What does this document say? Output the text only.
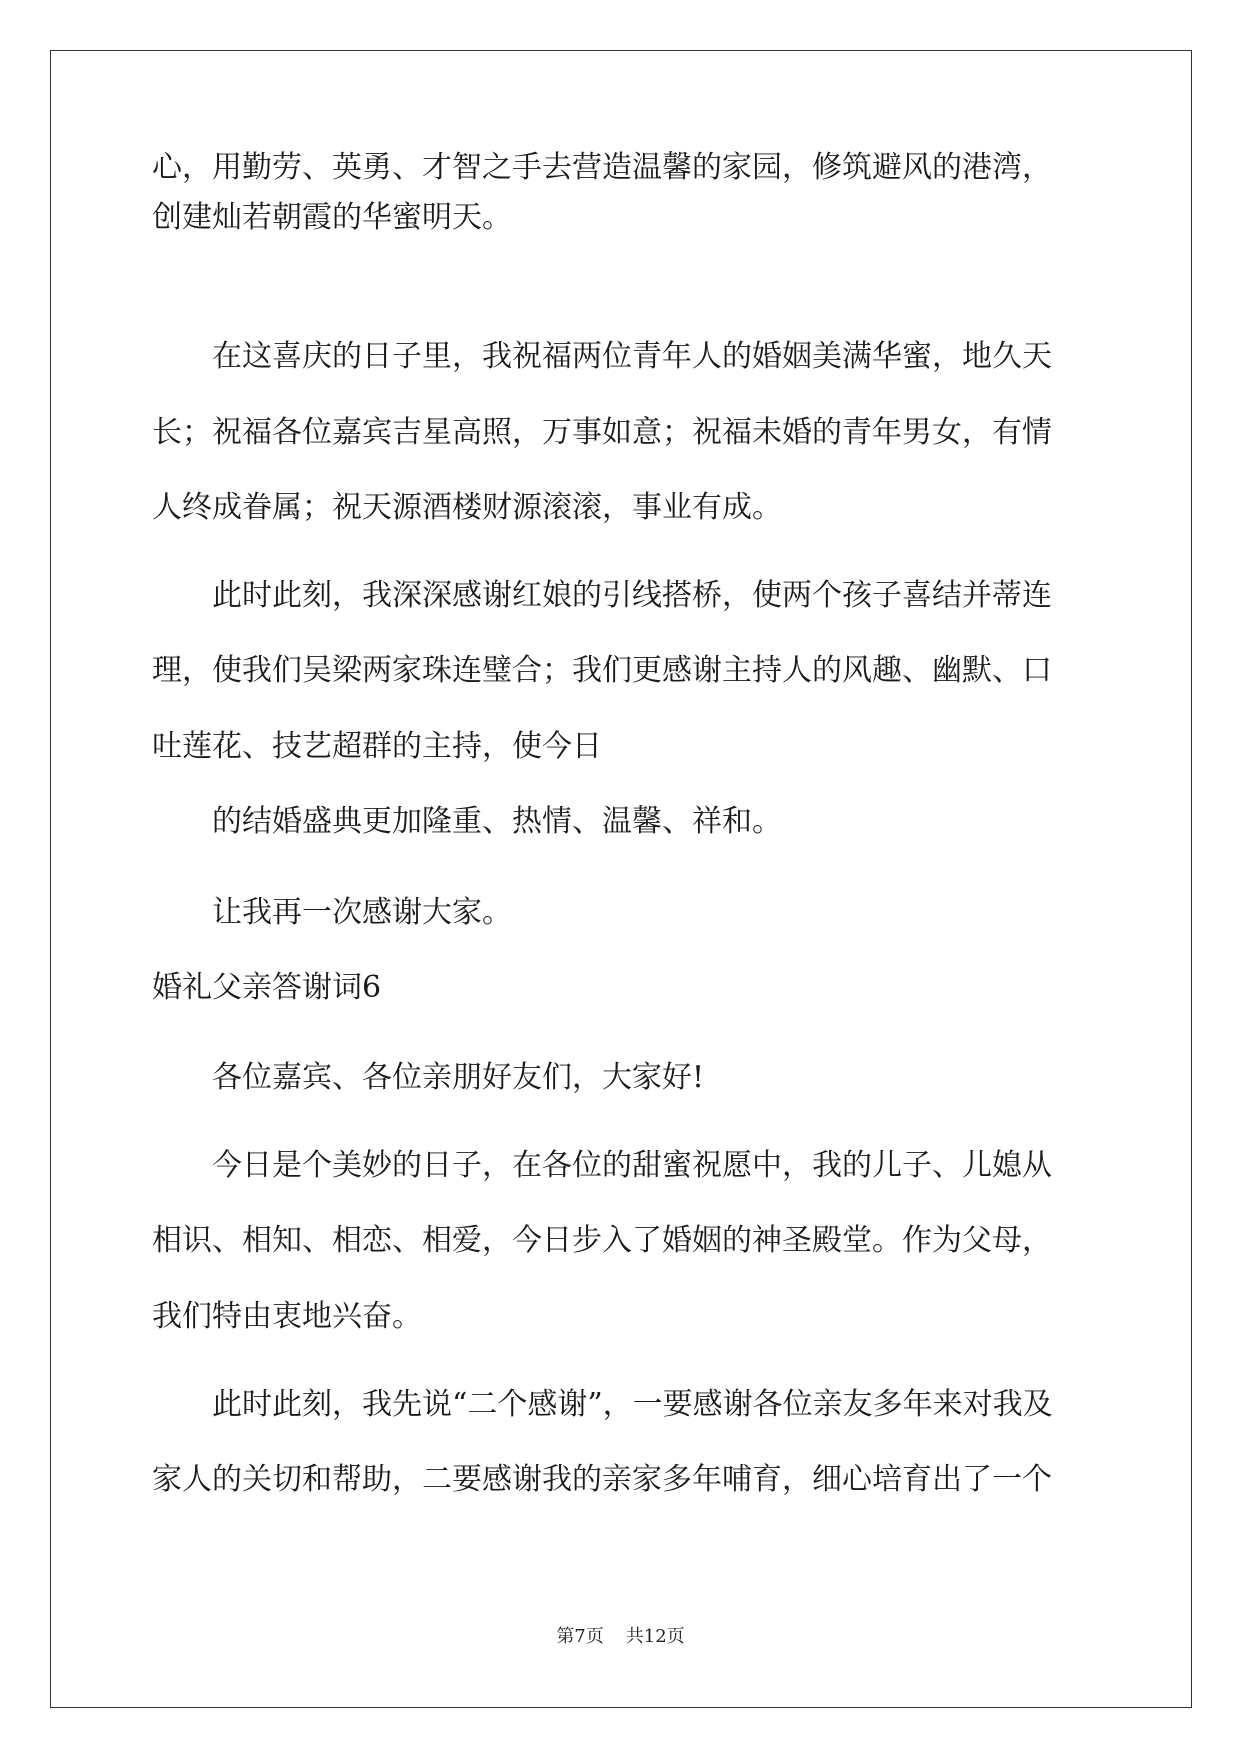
心，用勤劳、英勇、才智之手去营造温馨的家园，修筑避风的港湾，
创建灿若朝霞的华蜜明天。
在这喜庆的日子里，我祝福两位青年人的婚姻美满华蜜，地久天
长；祝福各位嘉宾吉星高照，万事如意；祝福未婚的青年男女，有情
人终成眷属；祝天源酒楼财源滚滚，事业有成。
此时此刻，我深深感谢红娘的引线搭桥，使两个孩子喜结并蒂连
理，使我们吴梁两家珠连璧合；我们更感谢主持人的风趣、幽默、口
吐莲花、技艺超群的主持，使今日
的结婚盛典更加隆重、热情、温馨、祥和。
让我再一次感谢大家。
婚礼父亲答谢词6
各位嘉宾、各位亲朋好友们，大家好!
今日是个美妙的日子，在各位的甜蜜祝愿中，我的儿子、儿媳从
相识、相知、相恋、相爱，今日步入了婚姻的神圣殿堂。作为父母，
我们特由衷地兴奋。
此时此刻，我先说“二个感谢”，一要感谢各位亲友多年来对我及
家人的关切和帮助，二要感谢我的亲家多年哺育，细心培育出了一个
第7页 共12页
